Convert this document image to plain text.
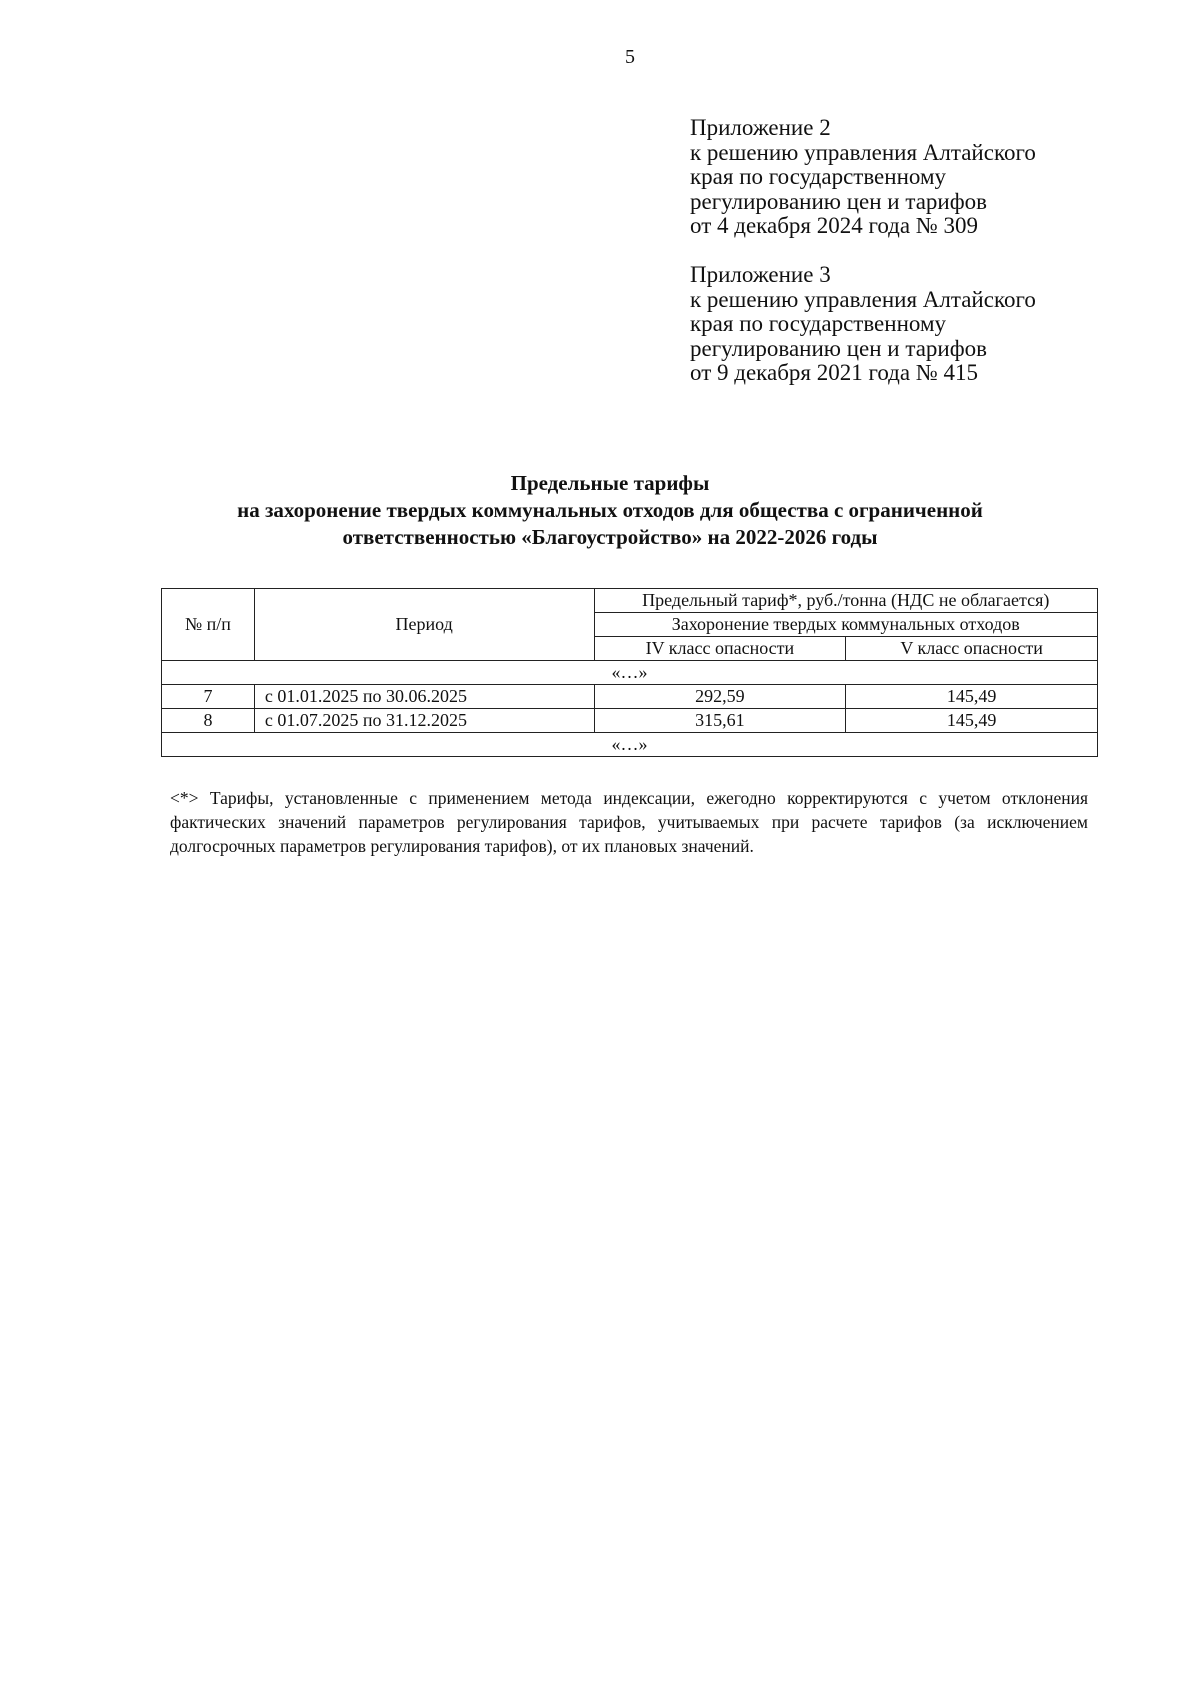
5
Приложение 2
к решению управления Алтайского
края по государственному
регулированию цен и тарифов
от 4 декабря 2024 года № 309
Приложение 3
к решению управления Алтайского
края по государственному
регулированию цен и тарифов
от 9 декабря 2021 года № 415
Предельные тарифы
на захоронение твердых коммунальных отходов для общества с ограниченной
ответственностью «Благоустройство» на 2022-2026 годы
№ п/п	Период	Предельный тариф*, руб./тонна (НДС не облагается)	
		Захоронение твердых коммунальных отходов	
		IV класс опасности	V класс опасности
«…»			
7	с 01.01.2025 по 30.06.2025	292,59	145,49
8	с 01.07.2025 по 31.12.2025	315,61	145,49
«…»			
<*> Тарифы, установленные с применением метода индексации, ежегодно корректируются с учетом отклонения фактических значений параметров регулирования тарифов, учитываемых при расчете тарифов (за исключением долгосрочных параметров регулирования тарифов), от их плановых значений.
